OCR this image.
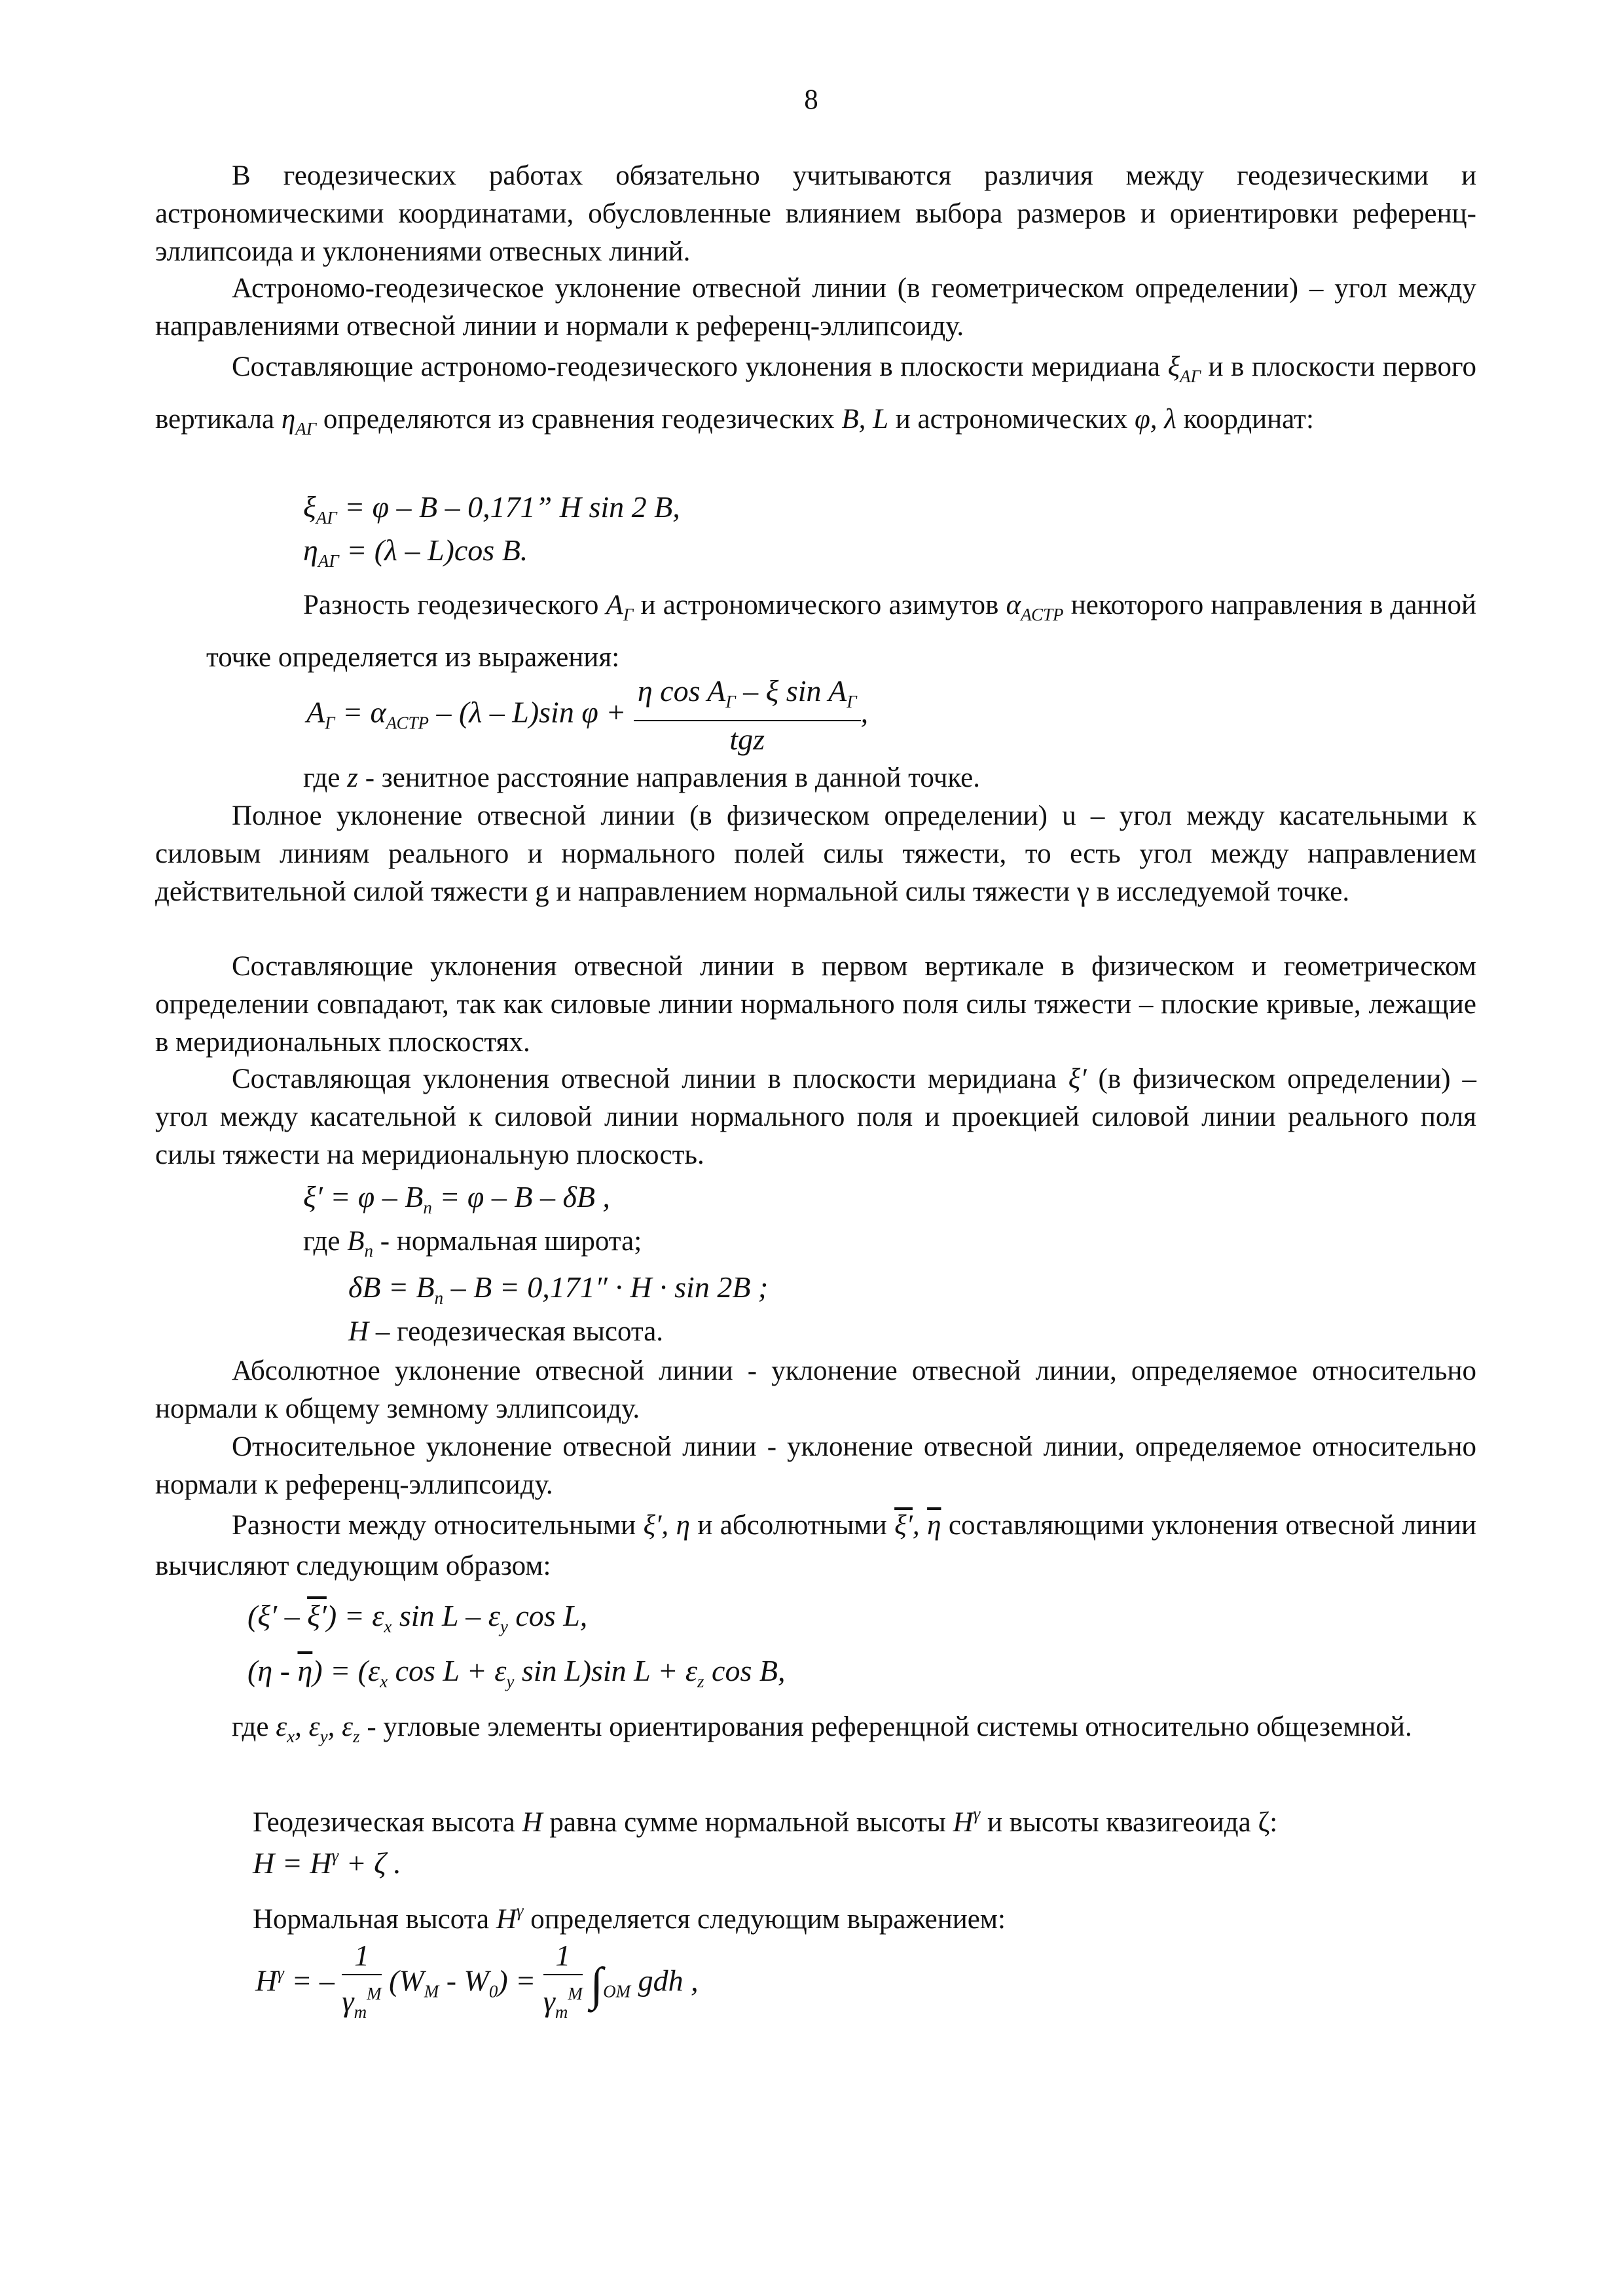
8

В геодезических работах обязательно учитываются различия между геодезическими и астрономическими координатами, обусловленные влиянием выбора размеров и ориентировки референц-эллипсоида и уклонениями отвесных линий.

Астрономо-геодезическое уклонение отвесной линии (в геометрическом определении) – угол между направлениями отвесной линии и нормали к референц-эллипсоиду.

Составляющие астрономо-геодезического уклонения в плоскости меридиана $\xi_{АГ}$ и в плоскости первого вертикала $\eta_{АГ}$ определяются из сравнения геодезических B, L и астрономических φ, λ координат:

$\xi_{АГ} = \varphi - B - 0,171$” H sin 2 B,
$\eta_{АГ} = (\lambda - L)\cos$ B.

Разность геодезического $A_Г$ и астрономического азимутов $\alpha_{АСТР}$ некоторого направления в данной точке определяется из выражения:

$A_Г = \alpha_{АСТР} - (\lambda - L)\sin$ $\varphi + \frac{\eta \cos A_Г - \xi \sin A_Г}{\text{tgz}}$ ,

где z - зенитное расстояние направления в данной точке.

Полное уклонение отвесной линии (в физическом определении) u – угол между касательными к силовым линиям реального и нормального полей силы тяжести, то есть угол между направлением действительной силой тяжести g и направлением нормальной силы тяжести γ в исследуемой точке.

Составляющие уклонения отвесной линии в первом вертикале в физическом и геометрическом определении совпадают, так как силовые линии нормального поля силы тяжести – плоские кривые, лежащие в меридиональных плоскостях.

Составляющая уклонения отвесной линии в плоскости меридиана ξ′ (в физическом определении) – угол между касательной к силовой линии нормального поля и проекцией силовой линии реального поля силы тяжести на меридиональную плоскость.

$\xi' = \varphi - B_n = \varphi - B - \delta B$ ,

где $B_n$ - нормальная широта;

$\delta B = B_n - B = 0,171'' \cdot H \cdot \sin 2B$ ;

H – геодезическая высота.

Абсолютное уклонение отвесной линии - уклонение отвесной линии, определяемое относительно нормали к общему земному эллипсоиду.

Относительное уклонение отвесной линии - уклонение отвесной линии, определяемое относительно нормали к референц-эллипсоиду.

Разности между относительными ξ′, η и абсолютными ξ′, $\overline{\eta}$ составляющими уклонения отвесной линии вычисляют следующим образом:

$(\xi' - \xi') = \varepsilon_x$ sin L – $\varepsilon_y$ cos L,
$(\eta - \overline{\eta}) = (\varepsilon_x$ $\cos L + \varepsilon_y$ sin L)sin $L + \varepsilon_z$ cos B,

где $\varepsilon_x$, $\varepsilon_y$, $\varepsilon_z$ - угловые элементы ориентирования референцной системы относительно общеземной.

Геодезическая высота H равна сумме нормальной высоты $H^\gamma$ и высоты квазигеоида ζ:

$H = H^\gamma + \zeta$ .

Нормальная высота $H^\gamma$ определяется следующим выражением:

$H^\gamma$ = – $\frac{1}{\gamma_m^M} (W_M - W_0) = \frac{1}{\gamma_m^M} \int_{OM}$ gdh ,
